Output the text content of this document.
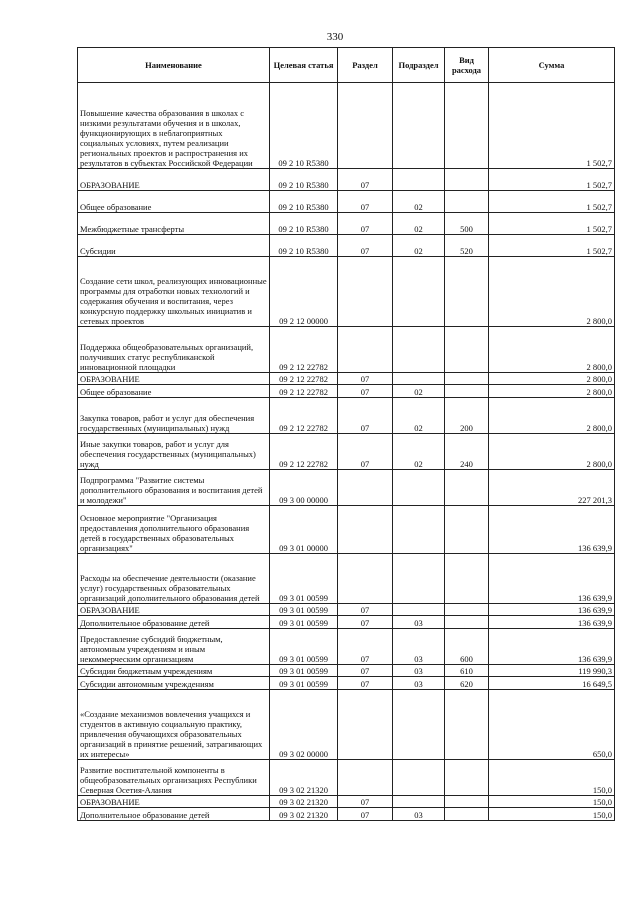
330
Наименование	Целевая статья	Раздел	Подраздел	Вид расхода	Сумма
Повышение качества образования в школах с низкими результатами обучения и в школах, функционирующих в неблагоприятных социальных условиях, путем реализации региональных проектов и распространения их результатов в субъектах Российской Федерации	09 2 10 R5380				1 502,7
ОБРАЗОВАНИЕ	09 2 10 R5380	07			1 502,7
Общее образование	09 2 10 R5380	07	02		1 502,7
Межбюджетные трансферты	09 2 10 R5380	07	02	500	1 502,7
Субсидии	09 2 10 R5380	07	02	520	1 502,7
Создание сети школ, реализующих инновационные программы для отработки новых технологий и содержания обучения и воспитания, через конкурсную поддержку школьных инициатив и сетевых проектов	09 2 12 00000				2 800,0
Поддержка общеобразовательных организаций, получивших статус республиканской инновационной площадки	09 2 12 22782				2 800,0
ОБРАЗОВАНИЕ	09 2 12 22782	07			2 800,0
Общее образование	09 2 12 22782	07	02		2 800,0
Закупка товаров, работ и услуг для обеспечения государственных (муниципальных) нужд	09 2 12 22782	07	02	200	2 800,0
Иные закупки товаров, работ и услуг для обеспечения государственных (муниципальных) нужд	09 2 12 22782	07	02	240	2 800,0
Подпрограмма "Развитие системы дополнительного образования и воспитания детей и молодежи"	09 3 00 00000				227 201,3
Основное мероприятие "Организация предоставления дополнительного образования детей в государственных образовательных организациях"	09 3 01 00000				136 639,9
Расходы на обеспечение деятельности (оказание услуг) государственных образовательных организаций дополнительного образования детей	09 3 01 00599				136 639,9
ОБРАЗОВАНИЕ	09 3 01 00599	07			136 639,9
Дополнительное образование детей	09 3 01 00599	07	03		136 639,9
Предоставление субсидий бюджетным, автономным учреждениям и иным некоммерческим организациям	09 3 01 00599	07	03	600	136 639,9
Субсидии бюджетным учреждениям	09 3 01 00599	07	03	610	119 990,3
Субсидии автономным учреждениям	09 3 01 00599	07	03	620	16 649,5
«Создание механизмов вовлечения учащихся и студентов в активную социальную практику, привлечения обучающихся образовательных организаций в принятие решений, затрагивающих их интересы»	09 3 02 00000				650,0
Развитие воспитательной компоненты в общеобразовательных организациях Республики Северная Осетия-Алания	09 3 02 21320				150,0
ОБРАЗОВАНИЕ	09 3 02 21320	07			150,0
Дополнительное образование детей	09 3 02 21320	07	03		150,0
